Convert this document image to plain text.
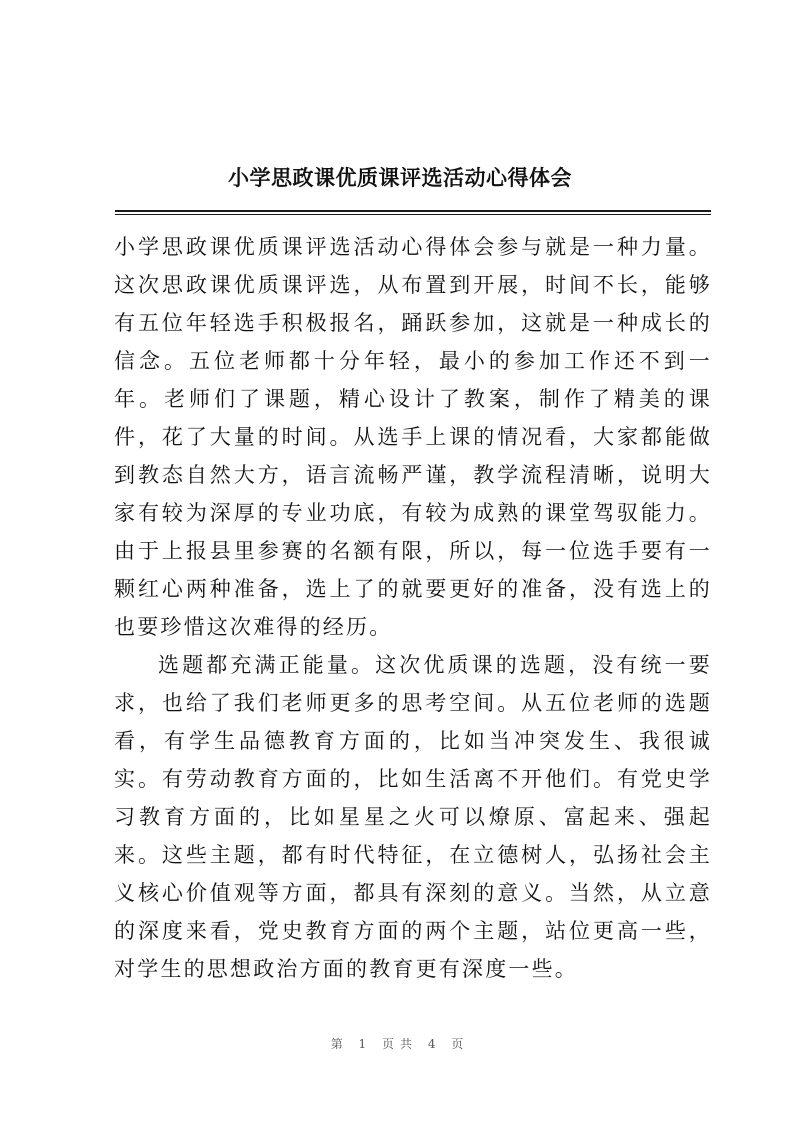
小学思政课优质课评选活动心得体会

小学思政课优质课评选活动心得体会参与就是一种力量。这次思政课优质课评选，从布置到开展，时间不长，能够有五位年轻选手积极报名，踊跃参加，这就是一种成长的信念。五位老师都十分年轻，最小的参加工作还不到一年。老师们了课题，精心设计了教案，制作了精美的课件，花了大量的时间。从选手上课的情况看，大家都能做到教态自然大方，语言流畅严谨，教学流程清晰，说明大家有较为深厚的专业功底，有较为成熟的课堂驾驭能力。由于上报县里参赛的名额有限，所以，每一位选手要有一颗红心两种准备，选上了的就要更好的准备，没有选上的也要珍惜这次难得的经历。

选题都充满正能量。这次优质课的选题，没有统一要求，也给了我们老师更多的思考空间。从五位老师的选题看，有学生品德教育方面的，比如当冲突发生、我很诚实。有劳动教育方面的，比如生活离不开他们。有党史学习教育方面的，比如星星之火可以燎原、富起来、强起来。这些主题，都有时代特征，在立德树人，弘扬社会主义核心价值观等方面，都具有深刻的意义。当然，从立意的深度来看，党史教育方面的两个主题，站位更高一些，对学生的思想政治方面的教育更有深度一些。

第 1 页共 4 页
